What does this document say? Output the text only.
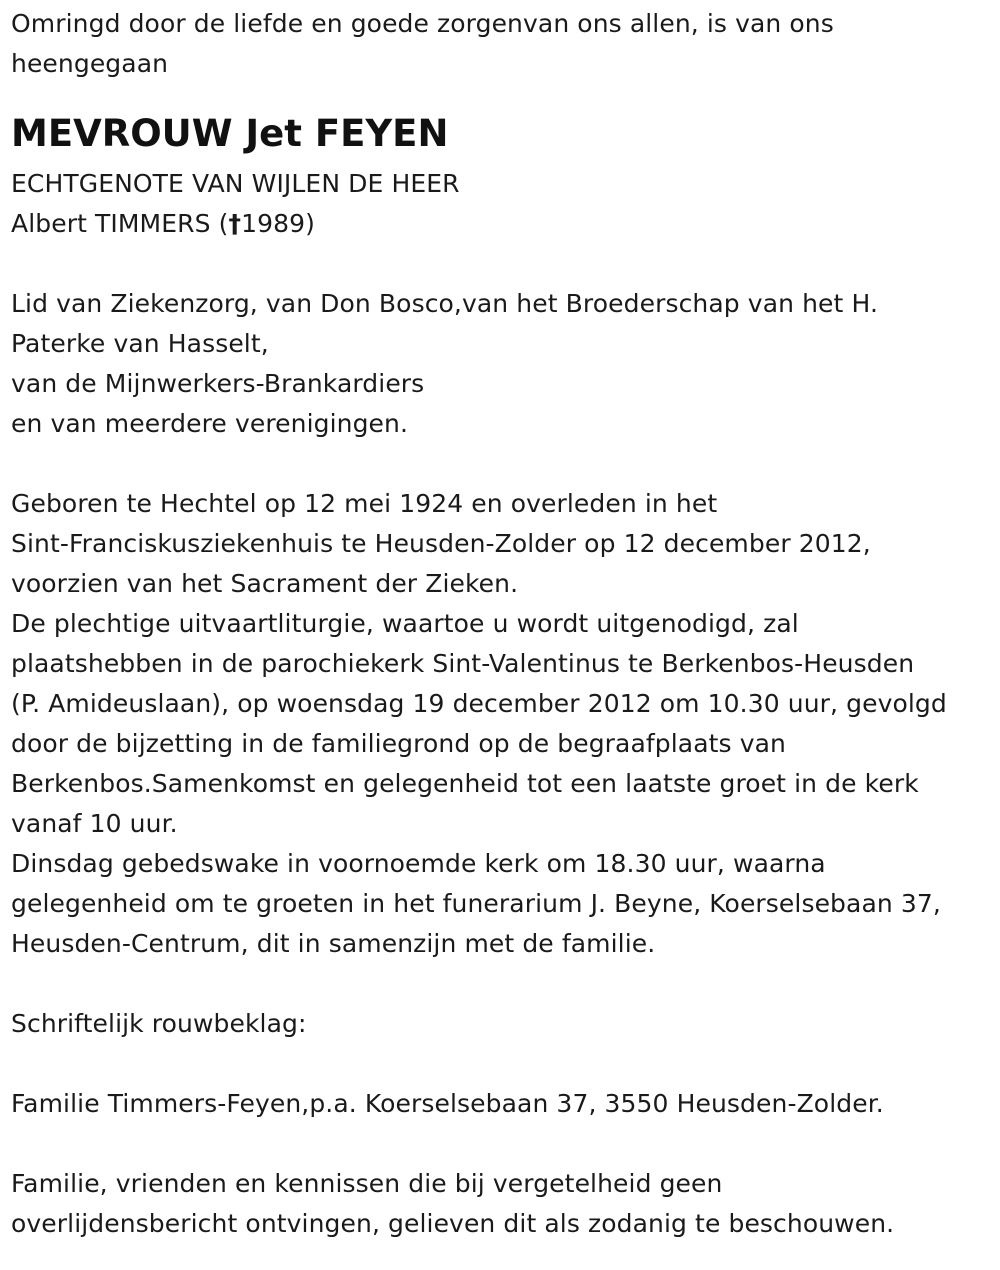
Omringd door de liefde en goede zorgenvan ons allen, is van ons
heengegaan
MEVROUW Jet FEYEN
ECHTGENOTE VAN WIJLEN DE HEER
Albert TIMMERS (†1989)
Lid van Ziekenzorg, van Don Bosco,van het Broederschap van het H.
Paterke van Hasselt,
van de Mijnwerkers-Brankardiers
en van meerdere verenigingen.
Geboren te Hechtel op 12 mei 1924 en overleden in het
Sint-Franciskusziekenhuis te Heusden-Zolder op 12 december 2012,
voorzien van het Sacrament der Zieken.
De plechtige uitvaartliturgie, waartoe u wordt uitgenodigd, zal
plaatshebben in de parochiekerk Sint-Valentinus te Berkenbos-Heusden
(P. Amideuslaan), op woensdag 19 december 2012 om 10.30 uur, gevolgd
door de bijzetting in de familiegrond op de begraafplaats van
Berkenbos.Samenkomst en gelegenheid tot een laatste groet in de kerk
vanaf 10 uur.
Dinsdag gebedswake in voornoemde kerk om 18.30 uur, waarna
gelegenheid om te groeten in het funerarium J. Beyne, Koerselsebaan 37,
Heusden-Centrum, dit in samenzijn met de familie.
Schriftelijk rouwbeklag:
Familie Timmers-Feyen,p.a. Koerselsebaan 37, 3550 Heusden-Zolder.
Familie, vrienden en kennissen die bij vergetelheid geen
overlijdensbericht ontvingen, gelieven dit als zodanig te beschouwen.
